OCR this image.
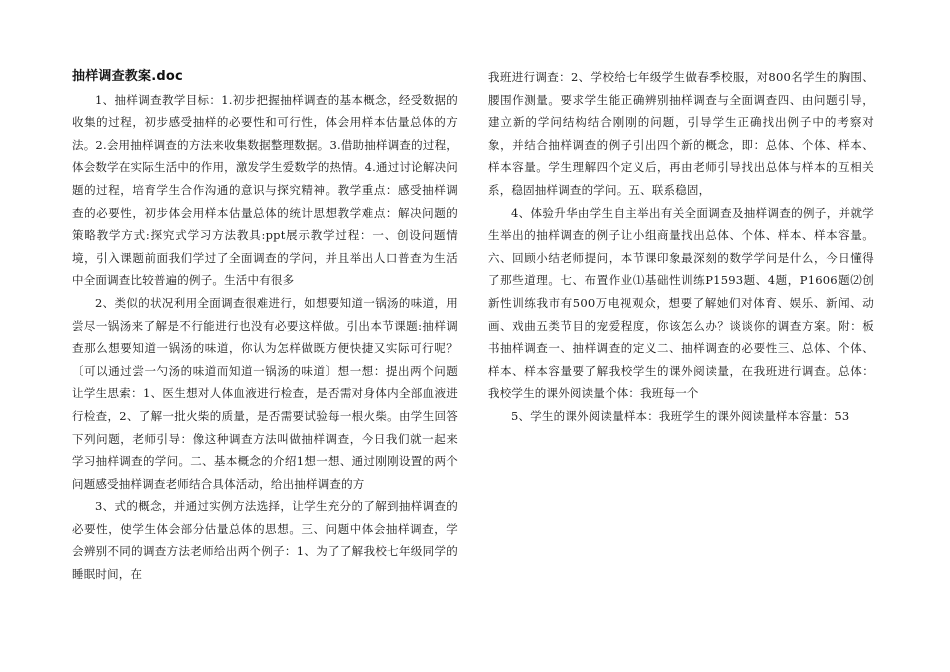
抽样调查教案.doc

1、抽样调查教学目标：1.初步把握抽样调查的基本概念，经受数据的收集的过程，初步感受抽样的必要性和可行性，体会用样本估量总体的方法。2.会用抽样调查的方法来收集数据整理数据。3.借助抽样调查的过程，体会数学在实际生活中的作用，激发学生爱数学的热情。4.通过讨论解决问题的过程，培育学生合作沟通的意识与探究精神。教学重点：感受抽样调查的必要性，初步体会用样本估量总体的统计思想教学难点：解决问题的策略教学方式:探究式学习方法教具:ppt展示教学过程：一、创设问题情境，引入课题前面我们学过了全面调查的学问，并且举出人口普查为生活中全面调查比较普遍的例子。生活中有很多

2、类似的状况利用全面调查很难进行，如想要知道一锅汤的味道，用尝尽一锅汤来了解是不行能进行也没有必要这样做。引出本节课题:抽样调查那么想要知道一锅汤的味道，你认为怎样做既方便快捷又实际可行呢？〔可以通过尝一勺汤的味道而知道一锅汤的味道〕想一想：提出两个问题让学生思索：1、医生想对人体血液进行检查，是否需对身体内全部血液进行检查，2、了解一批火柴的质量，是否需要试验每一根火柴。由学生回答下列问题，老师引导：像这种调查方法叫做抽样调查，今日我们就一起来学习抽样调查的学问。二、基本概念的介绍1想一想、通过刚刚设置的两个问题感受抽样调查老师结合具体活动，给出抽样调查的方

3、式的概念，并通过实例方法选择，让学生充分的了解到抽样调查的必要性，使学生体会部分估量总体的思想。三、问题中体会抽样调查，学会辨别不同的调查方法老师给出两个例子：1、为了了解我校七年级同学的睡眠时间，在

我班进行调查：2、学校给七年级学生做春季校服，对800名学生的胸围、腰围作测量。要求学生能正确辨别抽样调查与全面调查四、由问题引导，建立新的学问结构结合刚刚的问题，引导学生正确找出例子中的考察对象，并结合抽样调查的例子引出四个新的概念，即：总体、个体、样本、样本容量。学生理解四个定义后，再由老师引导找出总体与样本的互相关系，稳固抽样调查的学问。五、联系稳固，

4、体验升华由学生自主举出有关全面调查及抽样调查的例子，并就学生举出的抽样调查的例子让小组商量找出总体、个体、样本、样本容量。六、回顾小结老师提问，本节课印象最深刻的数学学问是什么，今日懂得了那些道理。七、布置作业⑴基础性训练P1593题、4题，P1606题⑵创新性训练我市有500万电视观众，想要了解她们对体育、娱乐、新闻、动画、戏曲五类节目的宠爱程度，你该怎么办？谈谈你的调查方案。附：板书抽样调查一、抽样调查的定义二、抽样调查的必要性三、总体、个体、样本、样本容量要了解我校学生的课外阅读量，在我班进行调查。总体：我校学生的课外阅读量个体：我班每一个

5、学生的课外阅读量样本：我班学生的课外阅读量样本容量：53
